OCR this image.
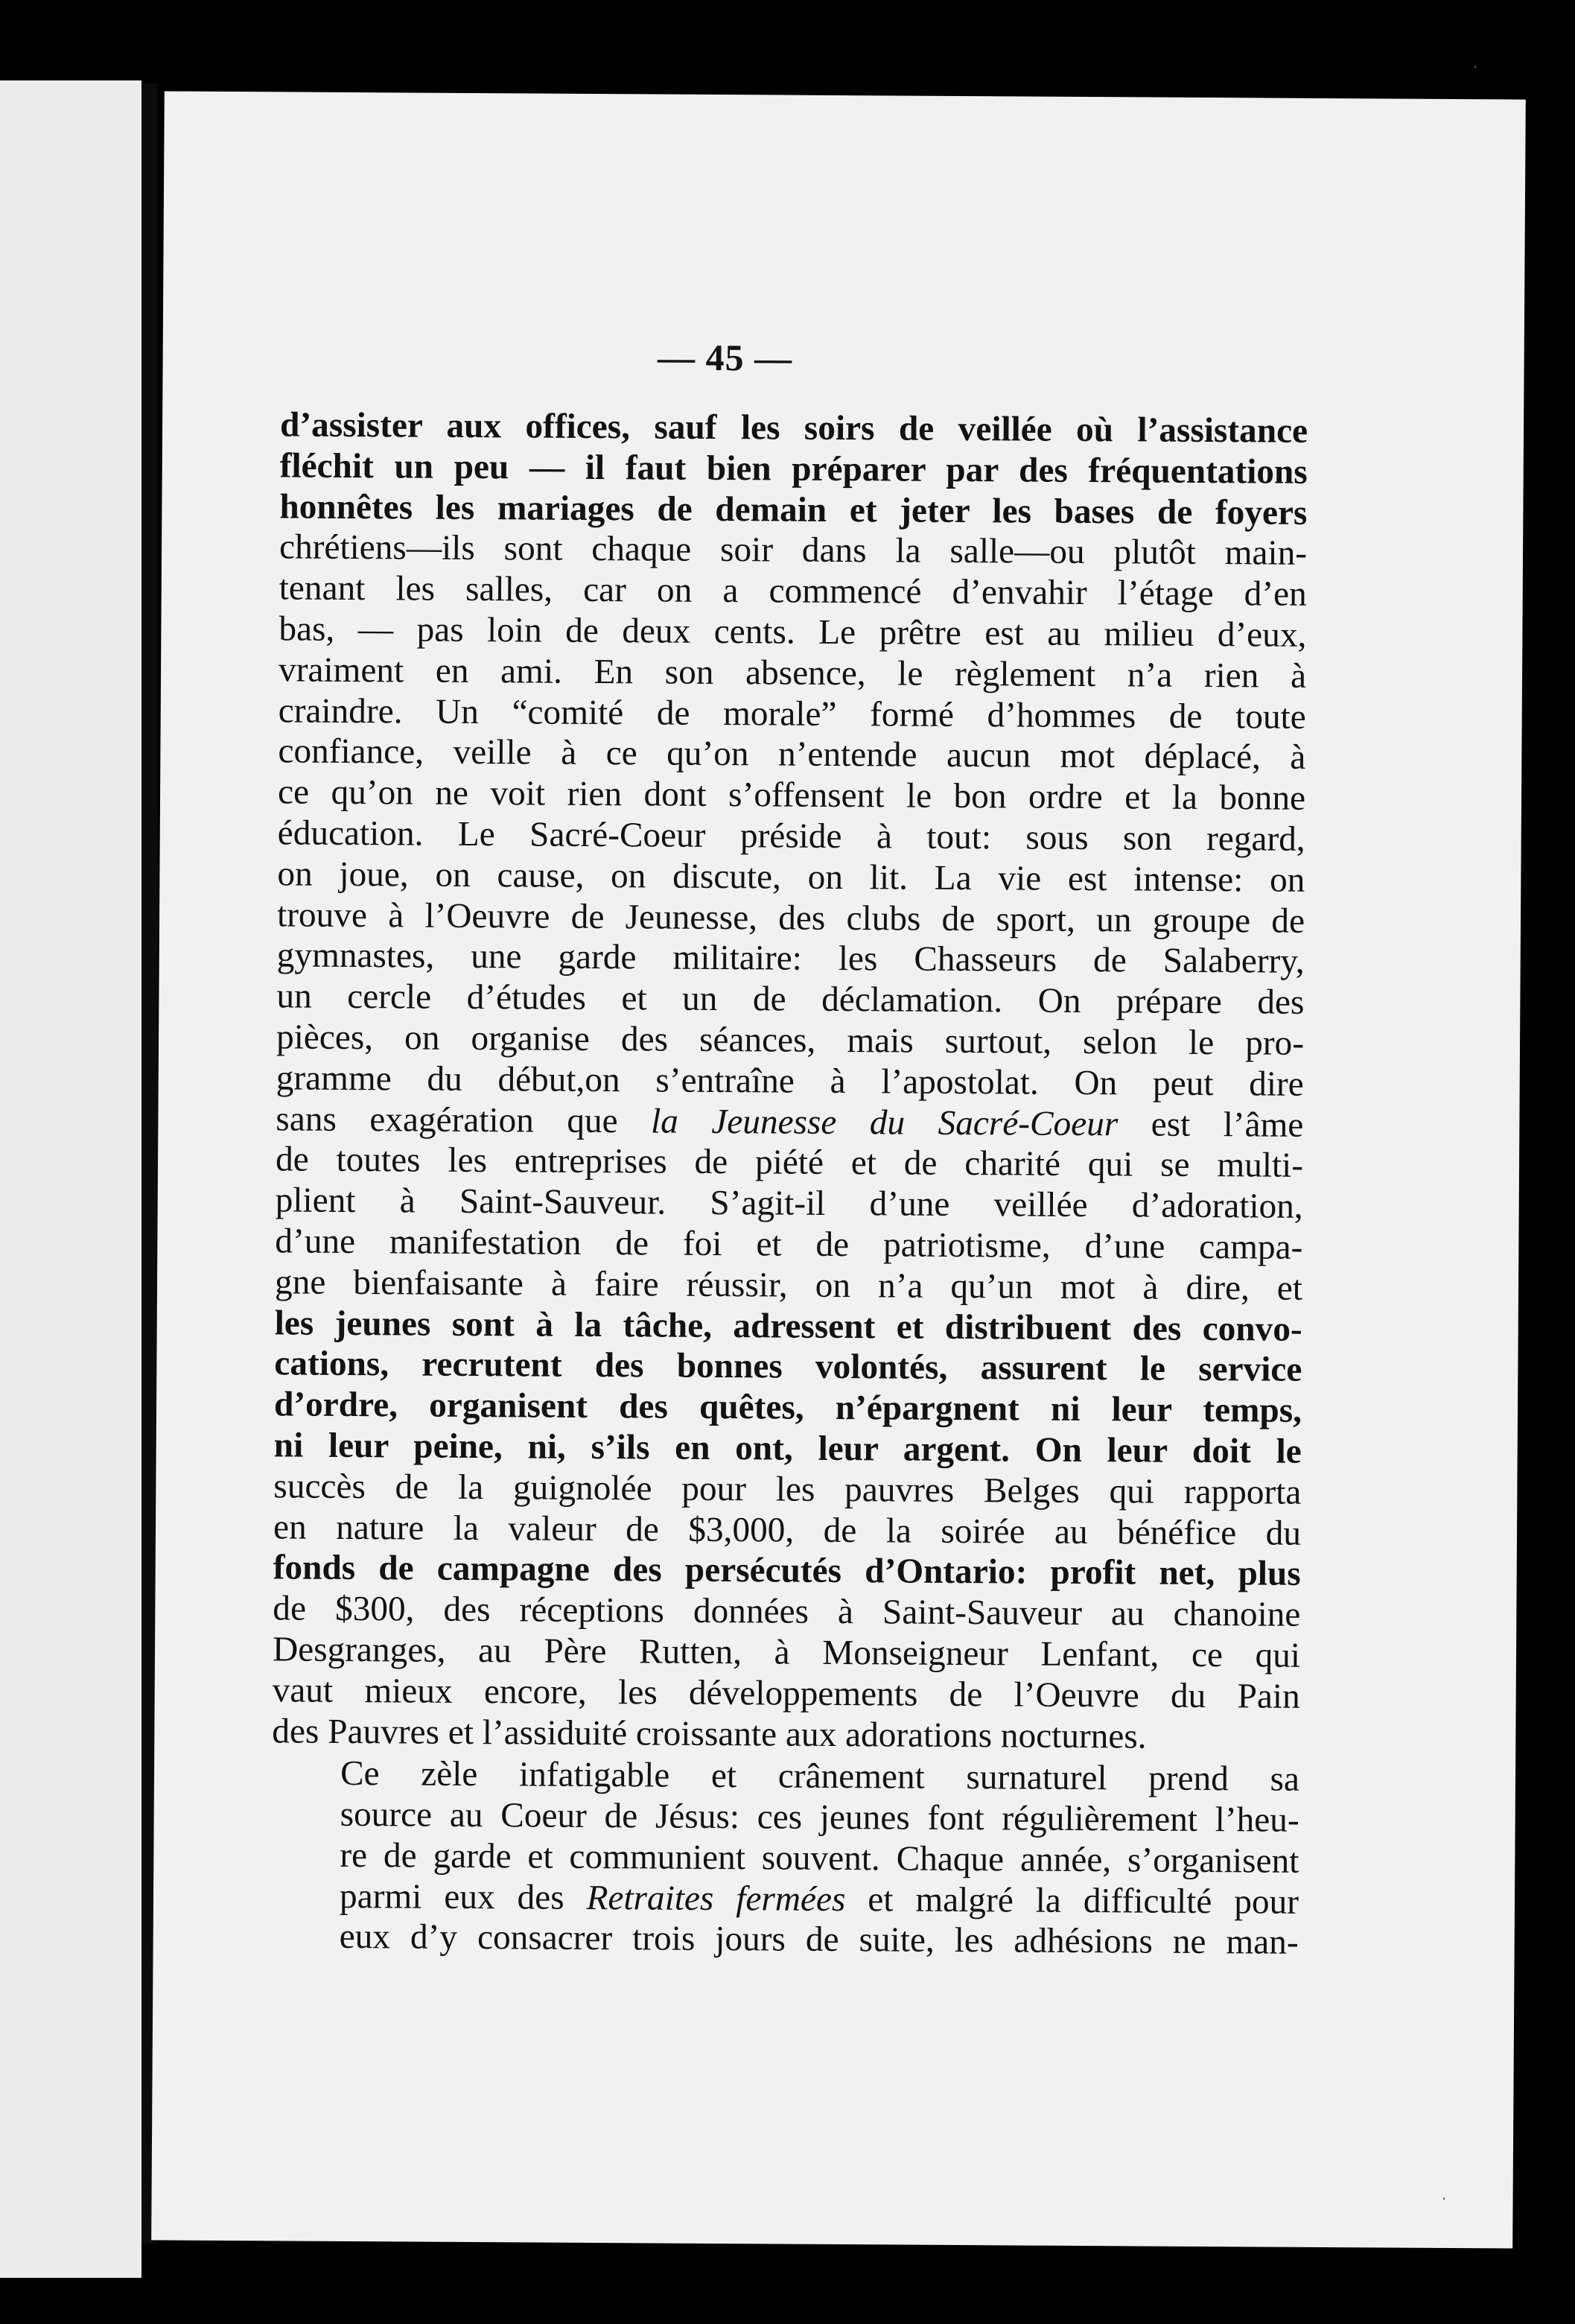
— 45 —

d’assister aux offices, sauf les soirs de veillée où l’assistance
fléchit un peu — il faut bien préparer par des fréquentations
honnêtes les mariages de demain et jeter les bases de foyers
chrétiens—ils sont chaque soir dans la salle—ou plutôt main-
tenant les salles, car on a commencé d’envahir l’étage d’en
bas, — pas loin de deux cents. Le prêtre est au milieu d’eux,
vraiment en ami. En son absence, le règlement n’a rien à
craindre. Un “comité de morale” formé d’hommes de toute
confiance, veille à ce qu’on n’entende aucun mot déplacé, à
ce qu’on ne voit rien dont s’offensent le bon ordre et la bonne
éducation. Le Sacré-Coeur préside à tout: sous son regard,
on joue, on cause, on discute, on lit. La vie est intense: on
trouve à l’Oeuvre de Jeunesse, des clubs de sport, un groupe de
gymnastes, une garde militaire: les Chasseurs de Salaberry,
un cercle d’études et un de déclamation. On prépare des
pièces, on organise des séances, mais surtout, selon le pro-
gramme du début,on s’entraîne à l’apostolat. On peut dire
sans exagération que la Jeunesse du Sacré-Coeur est l’âme
de toutes les entreprises de piété et de charité qui se multi-
plient à Saint-Sauveur. S’agit-il d’une veillée d’adoration,
d’une manifestation de foi et de patriotisme, d’une campa-
gne bienfaisante à faire réussir, on n’a qu’un mot à dire, et
les jeunes sont à la tâche, adressent et distribuent des convo-
cations, recrutent des bonnes volontés, assurent le service
d’ordre, organisent des quêtes, n’épargnent ni leur temps,
ni leur peine, ni, s’ils en ont, leur argent. On leur doit le
succès de la guignolée pour les pauvres Belges qui rapporta
en nature la valeur de $3,000, de la soirée au bénéfice du
fonds de campagne des persécutés d’Ontario: profit net, plus
de $300, des réceptions données à Saint-Sauveur au chanoine
Desgranges, au Père Rutten, à Monseigneur Lenfant, ce qui
vaut mieux encore, les développements de l’Oeuvre du Pain
des Pauvres et l’assiduité croissante aux adorations nocturnes.

Ce zèle infatigable et crânement surnaturel prend sa
source au Coeur de Jésus: ces jeunes font régulièrement l’heu-
re de garde et communient souvent. Chaque année, s’organisent
parmi eux des Retraites fermées et malgré la difficulté pour
eux d’y consacrer trois jours de suite, les adhésions ne man-

·
·
